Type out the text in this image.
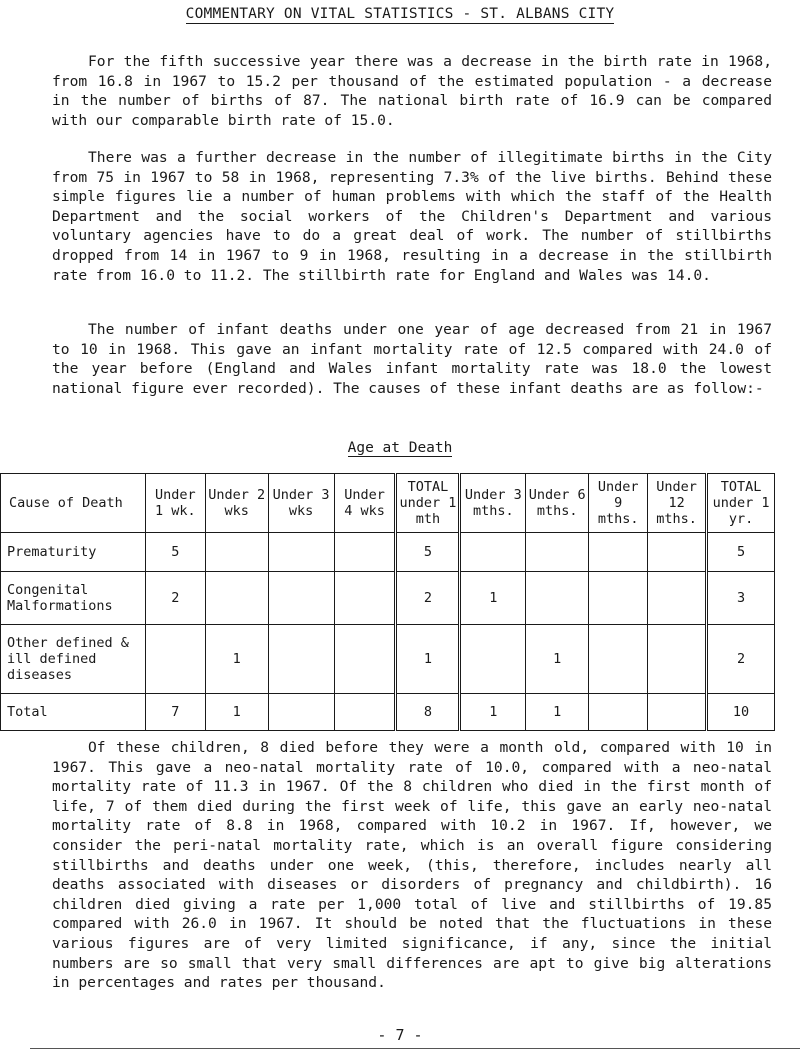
COMMENTARY ON VITAL STATISTICS - ST. ALBANS CITY

For the fifth successive year there was a decrease in the birth rate in 1968, from 16.8 in 1967 to 15.2 per thousand of the estimated population - a decrease in the number of births of 87. The national birth rate of 16.9 can be compared with our comparable birth rate of 15.0.

There was a further decrease in the number of illegitimate births in the City from 75 in 1967 to 58 in 1968, representing 7.3% of the live births. Behind these simple figures lie a number of human problems with which the staff of the Health Department and the social workers of the Children's Department and various voluntary agencies have to do a great deal of work. The number of stillbirths dropped from 14 in 1967 to 9 in 1968, resulting in a decrease in the stillbirth rate from 16.0 to 11.2. The stillbirth rate for England and Wales was 14.0.

The number of infant deaths under one year of age decreased from 21 in 1967 to 10 in 1968. This gave an infant mortality rate of 12.5 compared with 24.0 of the year before (England and Wales infant mortality rate was 18.0 the lowest national figure ever recorded). The causes of these infant deaths are as follow:-

Age at Death
Cause of Death	Under 1 wk.	Under 2 wks	Under 3 wks	Under 4 wks	TOTAL under 1 mth	Under 3 mths.	Under 6 mths.	Under 9 mths.	Under 12 mths.	TOTAL under 1 yr.
Prematurity	5				5					5
Congenital Malformations	2				2	1				3
Other defined & ill defined diseases		1			1		1			2
Total	7	1			8	1	1			10

Of these children, 8 died before they were a month old, compared with 10 in 1967. This gave a neo-natal mortality rate of 10.0, compared with a neo-natal mortality rate of 11.3 in 1967. Of the 8 children who died in the first month of life, 7 of them died during the first week of life, this gave an early neo-natal mortality rate of 8.8 in 1968, compared with 10.2 in 1967. If, however, we consider the peri-natal mortality rate, which is an overall figure considering stillbirths and deaths under one week, (this, therefore, includes nearly all deaths associated with diseases or disorders of pregnancy and childbirth). 16 children died giving a rate per 1,000 total of live and stillbirths of 19.85 compared with 26.0 in 1967. It should be noted that the fluctuations in these various figures are of very limited significance, if any, since the initial numbers are so small that very small differences are apt to give big alterations in percentages and rates per thousand.

- 7 -
